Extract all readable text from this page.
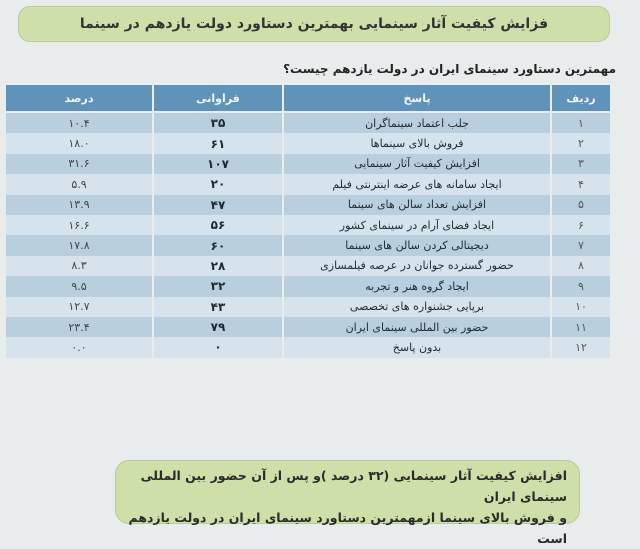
فزایش کیفیت آثار سینمایی بهمترین دستاورد دولت یازدهم در سینما
مهمترین دستاورد سینمای ایران در دولت یازدهم چیست؟
ردیف	پاسخ	فراوانی	درصد
۱	جلب اعتماد سینماگران	۳۵	۱۰.۴
۲	فروش بالای سینماها	۶۱	۱۸.۰
۳	افزایش کیفیت آثار سینمایی	۱۰۷	۳۱.۶
۴	ایجاد سامانه های عرضه اینترنتی فیلم	۲۰	۵.۹
۵	افزایش تعداد سالن های سینما	۴۷	۱۳.۹
۶	ایجاد فضای آرام در سینمای کشور	۵۶	۱۶.۶
۷	دیجیتالی کردن سالن های سینما	۶۰	۱۷.۸
۸	حضور گسترده جوانان در عرصه فیلمسازی	۲۸	۸.۳
۹	ایجاد گروه هنر و تجربه	۳۲	۹.۵
۱۰	برپایی جشنواره های تخصصی	۴۳	۱۲.۷
۱۱	حضور بین المللی سینمای ایران	۷۹	۲۳.۴
۱۲	بدون پاسخ	۰	۰.۰
افزایش کیفیت آثار سینمایی (۳۲ درصد )و پس از آن حضور بین المللی سینمای ایران
و فروش بالای سینما ازمهمترین دستاورد سینمای ایران در دولت یازدهم است
